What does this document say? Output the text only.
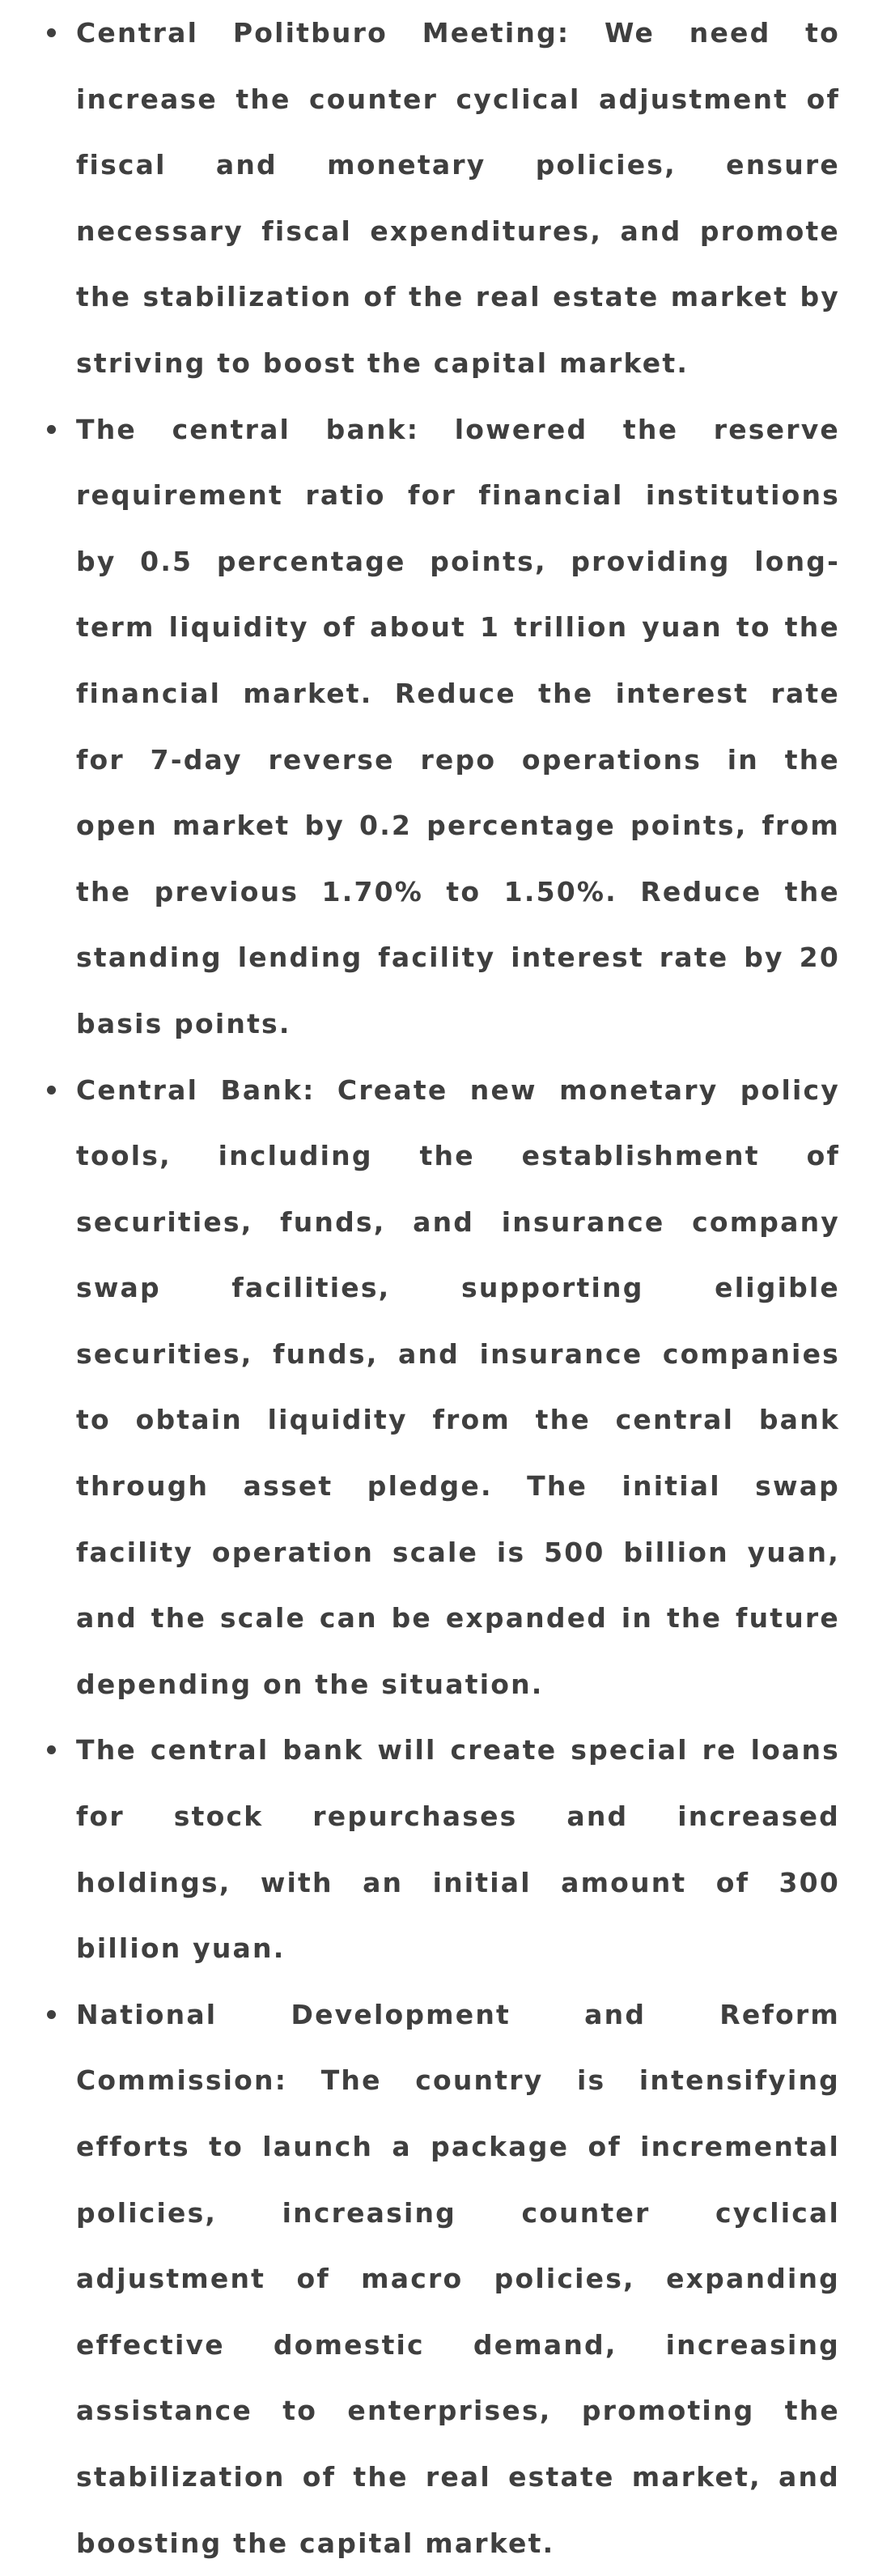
Central Politburo Meeting: We need to increase the counter cyclical adjustment of fiscal and monetary policies, ensure necessary fiscal expenditures, and promote the stabilization of the real estate market by striving to boost the capital market.
The central bank: lowered the reserve requirement ratio for financial institutions by 0.5 percentage points, providing long-term liquidity of about 1 trillion yuan to the financial market. Reduce the interest rate for 7-day reverse repo operations in the open market by 0.2 percentage points, from the previous 1.70% to 1.50%. Reduce the standing lending facility interest rate by 20 basis points.
Central Bank: Create new monetary policy tools, including the establishment of securities, funds, and insurance company swap facilities, supporting eligible securities, funds, and insurance companies to obtain liquidity from the central bank through asset pledge. The initial swap facility operation scale is 500 billion yuan, and the scale can be expanded in the future depending on the situation.
The central bank will create special re loans for stock repurchases and increased holdings, with an initial amount of 300 billion yuan.
National Development and Reform Commission: The country is intensifying efforts to launch a package of incremental policies, increasing counter cyclical adjustment of macro policies, expanding effective domestic demand, increasing assistance to enterprises, promoting the stabilization of the real estate market, and boosting the capital market.
